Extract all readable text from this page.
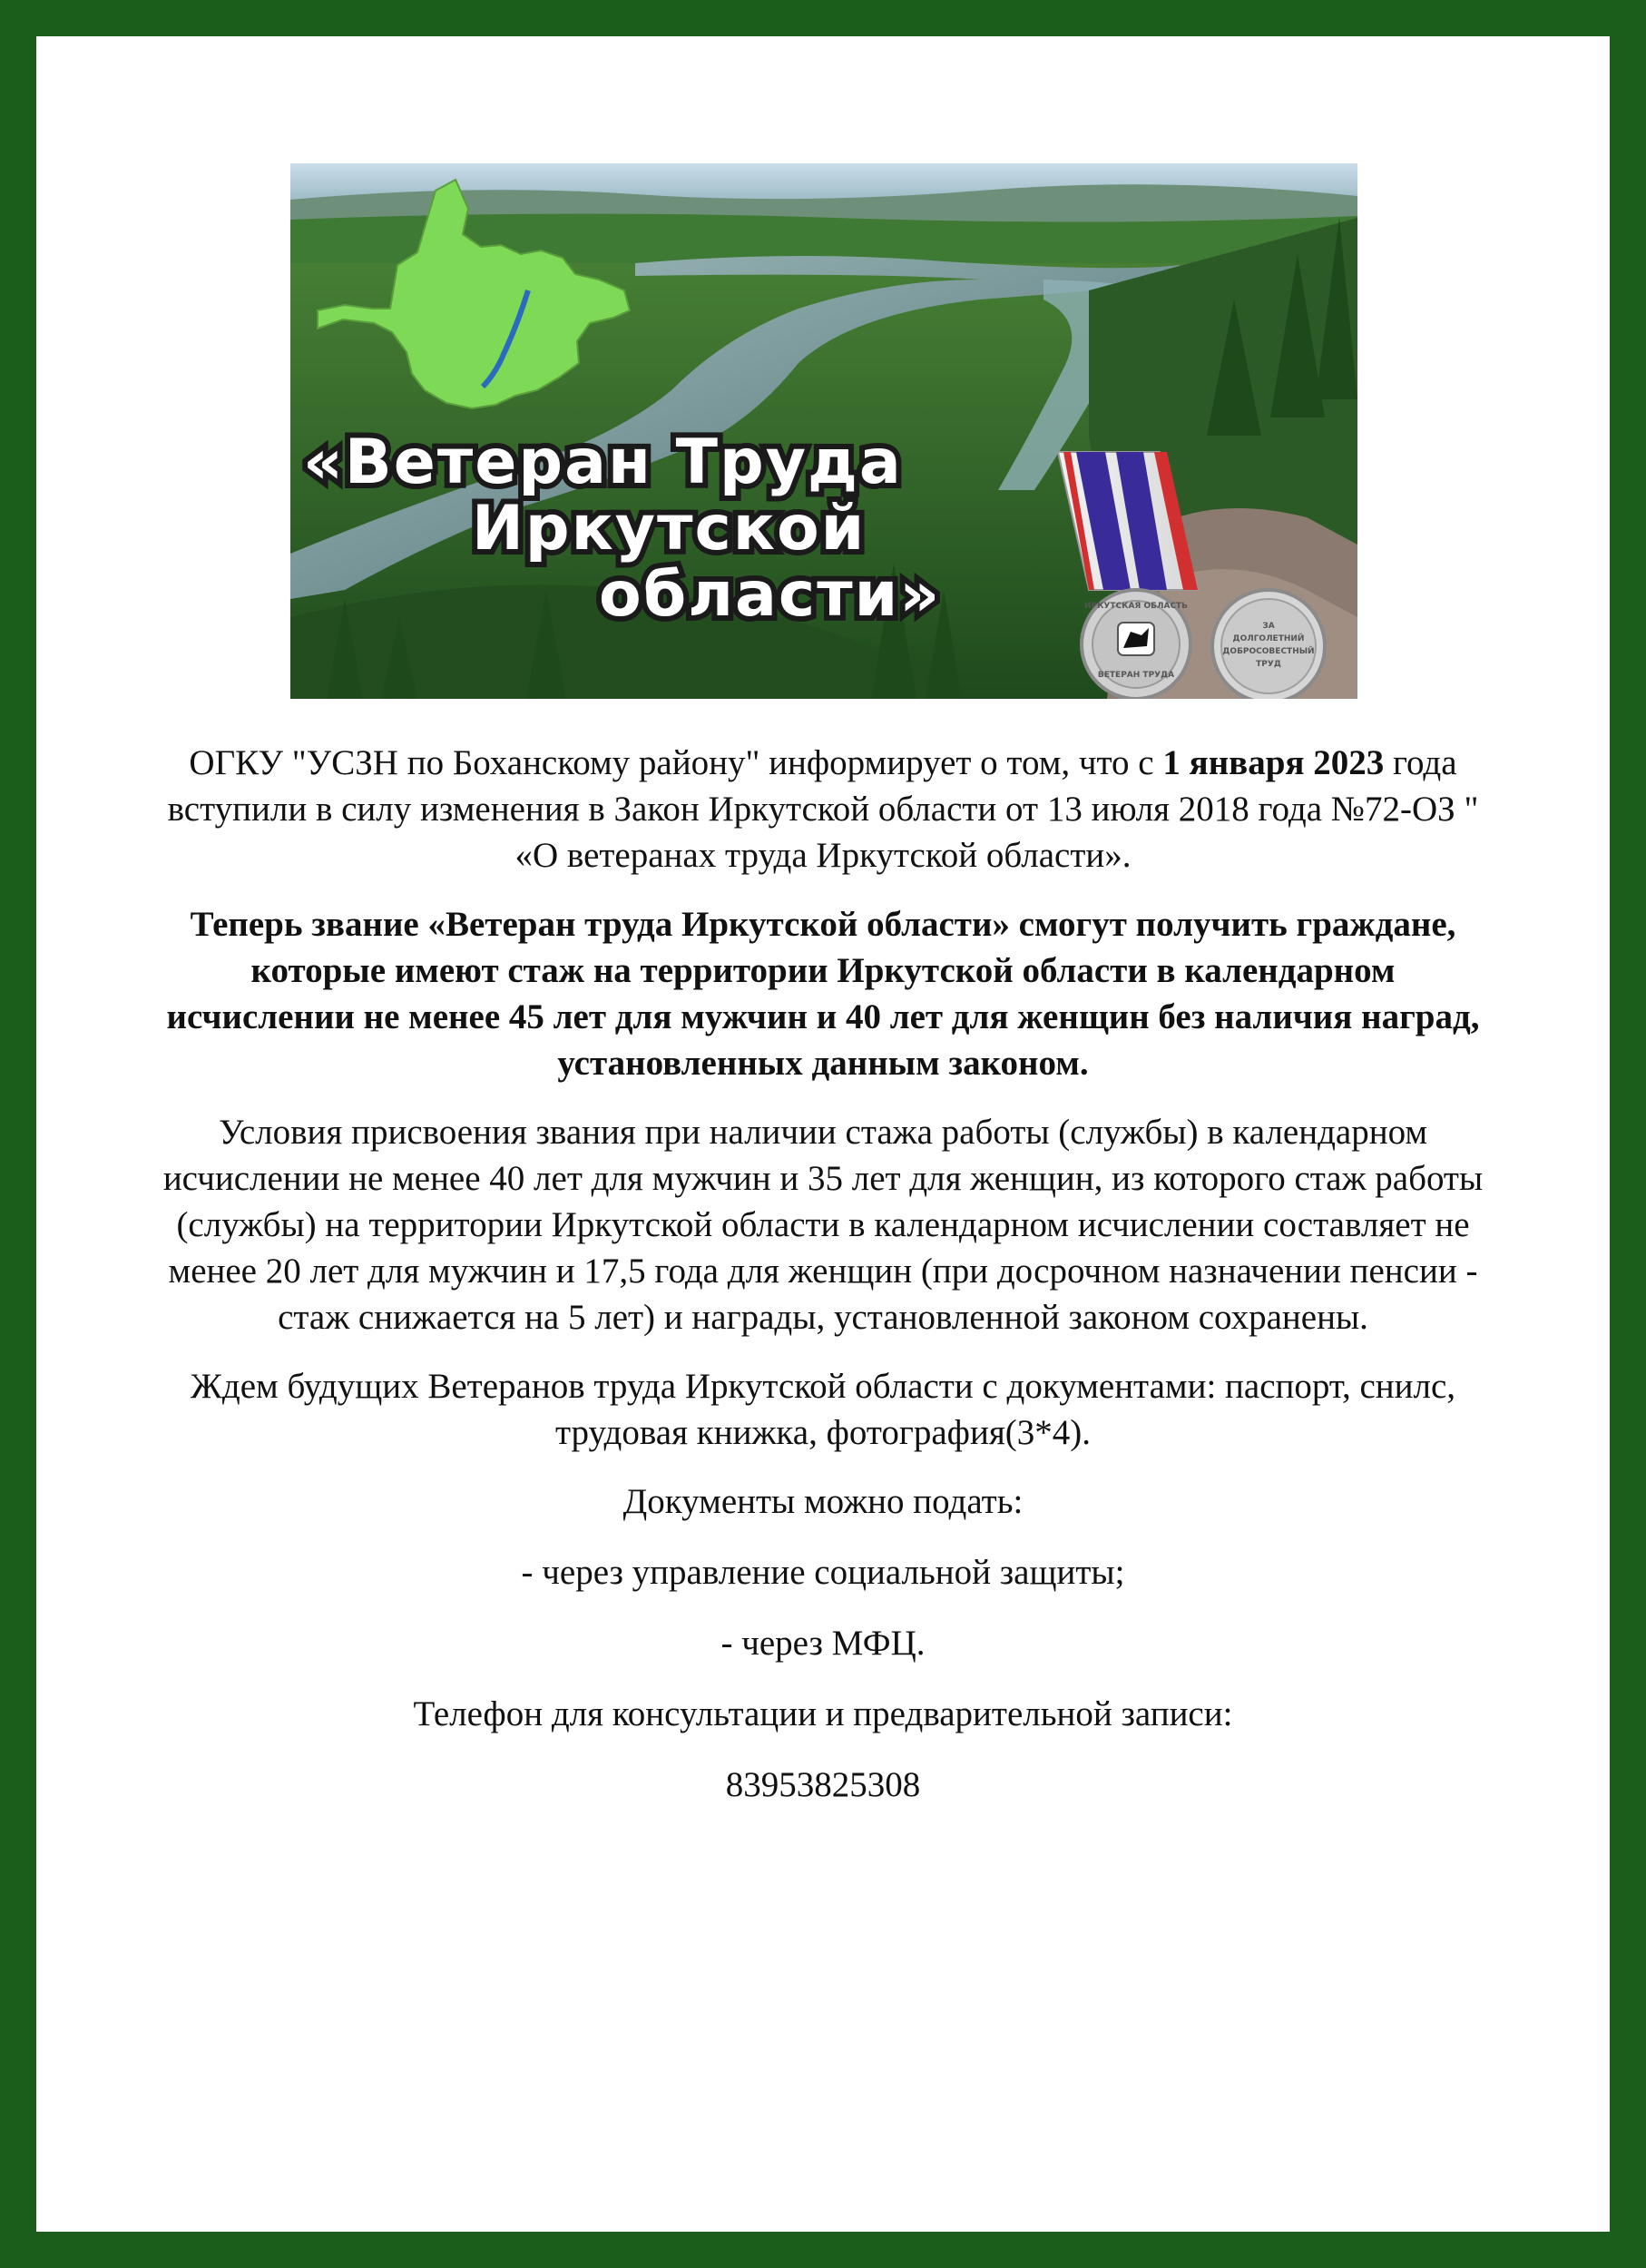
ИРКУТСКАЯ ОБЛАСТЬ
ВЕТЕРАН ТРУДА
ЗА
ДОЛГОЛЕТНИЙ
ДОБРОСОВЕСТНЫЙ
ТРУД
«Ветеран Труда
Иркутской
области»

ОГКУ "УСЗН по Боханскому району" информирует о том, что с 1 января 2023 года вступили в силу изменения в Закон Иркутской области от 13 июля 2018 года №72-ОЗ " «О ветеранах труда Иркутской области».

Теперь звание «Ветеран труда Иркутской области» смогут получить граждане, которые имеют стаж на территории Иркутской области в календарном исчислении не менее 45 лет для мужчин и 40 лет для женщин без наличия наград, установленных данным законом.

Условия присвоения звания при наличии стажа работы (службы) в календарном исчислении не менее 40 лет для мужчин и 35 лет для женщин, из которого стаж работы (службы) на территории Иркутской области в календарном исчислении составляет не менее 20 лет для мужчин и 17,5 года для женщин (при досрочном назначении пенсии - стаж снижается на 5 лет) и награды, установленной законом сохранены.

Ждем будущих Ветеранов труда Иркутской области с документами: паспорт, снилс, трудовая книжка, фотография(3*4).

Документы можно подать:

- через управление социальной защиты;

- через МФЦ.

Телефон для консультации и предварительной записи:

83953825308
